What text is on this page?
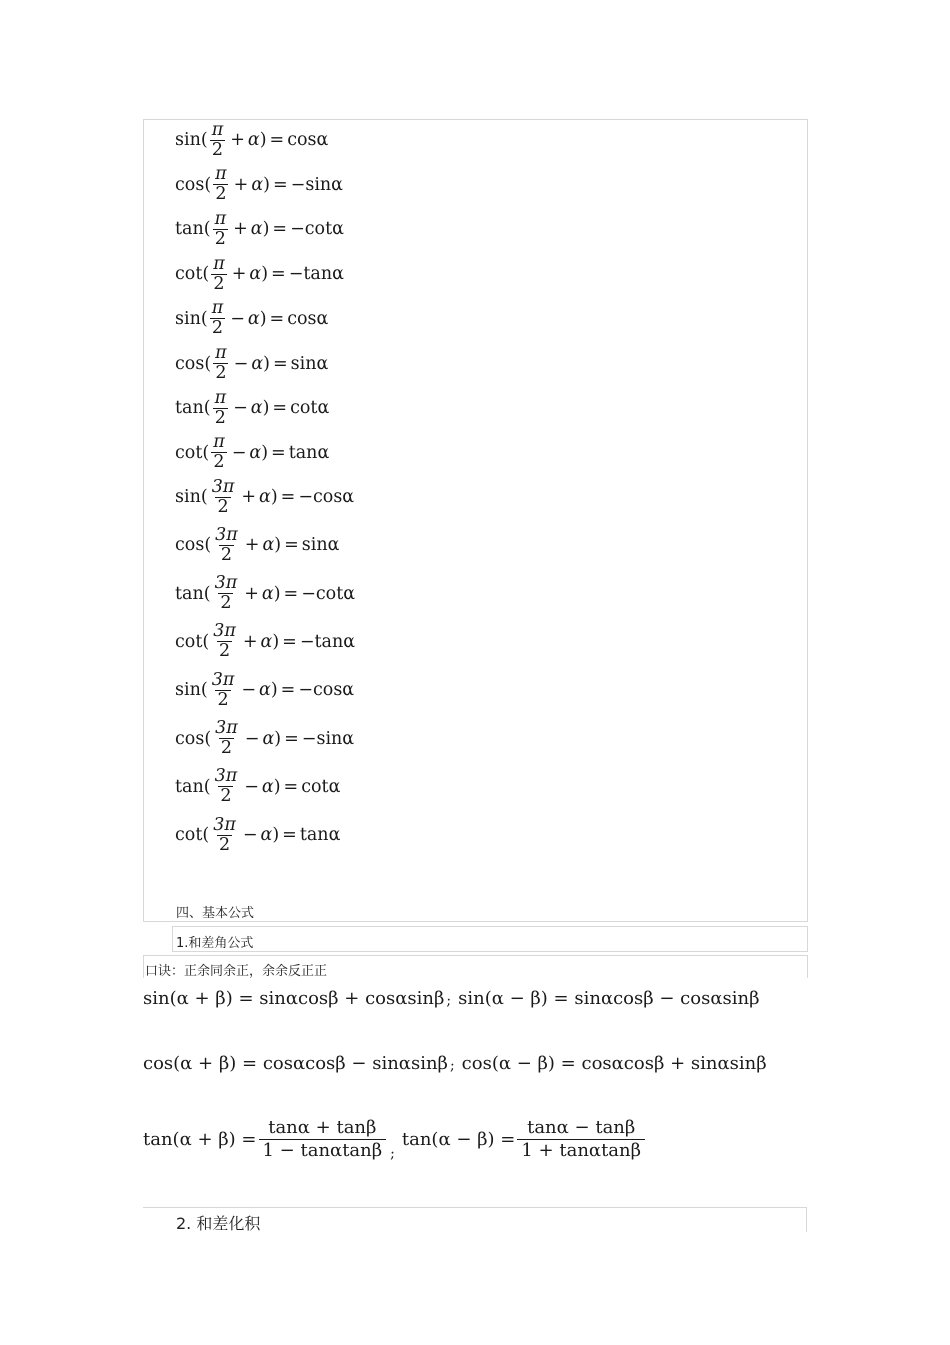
sin ( $\frac{\pi}{2} + \alpha$ ) = cosα
cos ( $\frac{\pi}{2} + \alpha$ ) = −sinα
tan ( $\frac{\pi}{2} + \alpha$ ) = −cotα
cot ( $\frac{\pi}{2} + \alpha$ ) = −tanα
sin ( $\frac{\pi}{2} - \alpha$ ) = cosα
cos ( $\frac{\pi}{2} - \alpha$ ) = sinα
tan ( $\frac{\pi}{2} - \alpha$ ) = cotα
cot ( $\frac{\pi}{2} - \alpha$ ) = tanα
sin ( $\frac{3\pi}{2} + \alpha$ ) = −cosα
cos ( $\frac{3\pi}{2} + \alpha$ ) = sinα
tan ( $\frac{3\pi}{2} + \alpha$ ) = −cotα
cot ( $\frac{3\pi}{2} + \alpha$ ) = −tanα
sin ( $\frac{3\pi}{2} - \alpha$ ) = −cosα
cos ( $\frac{3\pi}{2} - \alpha$ ) = −sinα
tan ( $\frac{3\pi}{2} - \alpha$ ) = cotα
cot ( $\frac{3\pi}{2} - \alpha$ ) = tanα
四、基本公式
1.和差角公式
口诀：正余同余正，余余反正正
sin(α + β) = sinαcosβ + cosαsinβ ; sin(α − β) = sinαcosβ − cosαsinβ
cos(α + β) = cosαcosβ − sinαsinβ ; cos(α − β) = cosαcosβ + sinαsinβ
$\tan(\alpha + \beta) = \frac{\tan\alpha + \tan\beta}{1 - \tan\alpha\tan\beta}$ ;
$\tan(\alpha - \beta) = \frac{\tan\alpha - \tan\beta}{1 + \tan\alpha\tan\beta}$
2. 和差化积
